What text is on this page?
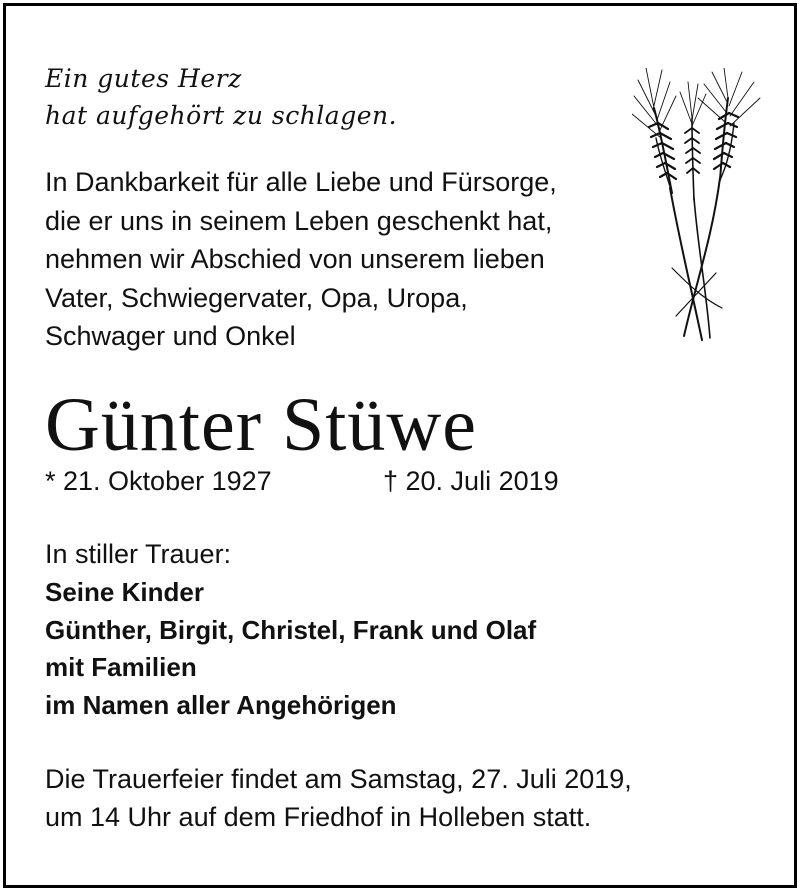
Ein gutes Herz
hat aufgehört zu schlagen.
In Dankbarkeit für alle Liebe und Fürsorge,
die er uns in seinem Leben geschenkt hat,
nehmen wir Abschied von unserem lieben
Vater, Schwiegervater, Opa, Uropa,
Schwager und Onkel
Günter Stüwe
* 21. Oktober 1927	† 20. Juli 2019
In stiller Trauer:
Seine Kinder
Günther, Birgit, Christel, Frank und Olaf
mit Familien
im Namen aller Angehörigen
Die Trauerfeier findet am Samstag, 27. Juli 2019,
um 14 Uhr auf dem Friedhof in Holleben statt.
